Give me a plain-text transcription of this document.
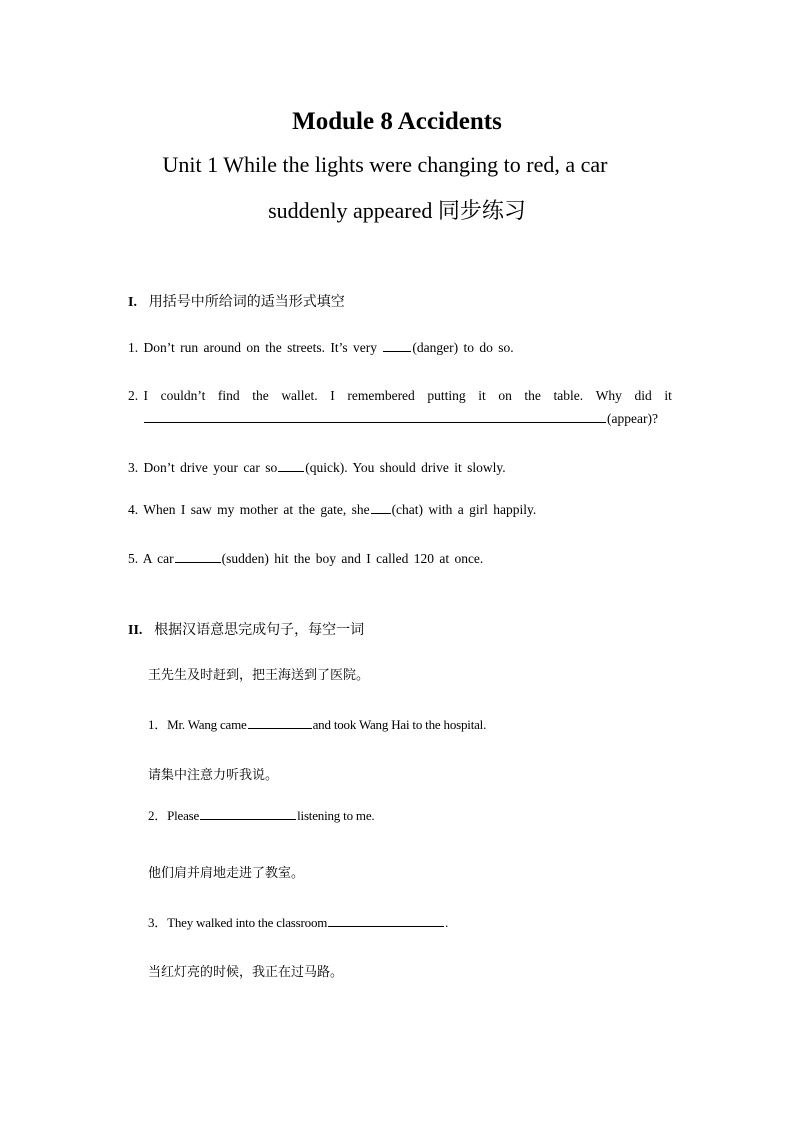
Module 8 Accidents

Unit 1 While the lights were changing to red, a car

suddenly appeared 同步练习

I. 用括号中所给词的适当形式填空

1. Don’t run around on the streets. It’s very	(danger) to do so.

2. I couldn’t find the wallet. I remembered putting it on the table. Why did it

(appear)?

3. Don’t drive your car so (quick). You should drive it slowly.

4. When I saw my mother at the gate, she (chat) with a girl happily.

5. A car	(sudden) hit the boy and I called 120 at once.

II. 根据汉语意思完成句子，每空一词

王先生及时赶到，把王海送到了医院。

1．Mr. Wang came	and took Wang Hai to the hospital.

请集中注意力听我说。

2．Please	listening to me.

他们肩并肩地走进了教室。

3．They walked into the classroom	.

当红灯亮的时候，我正在过马路。
